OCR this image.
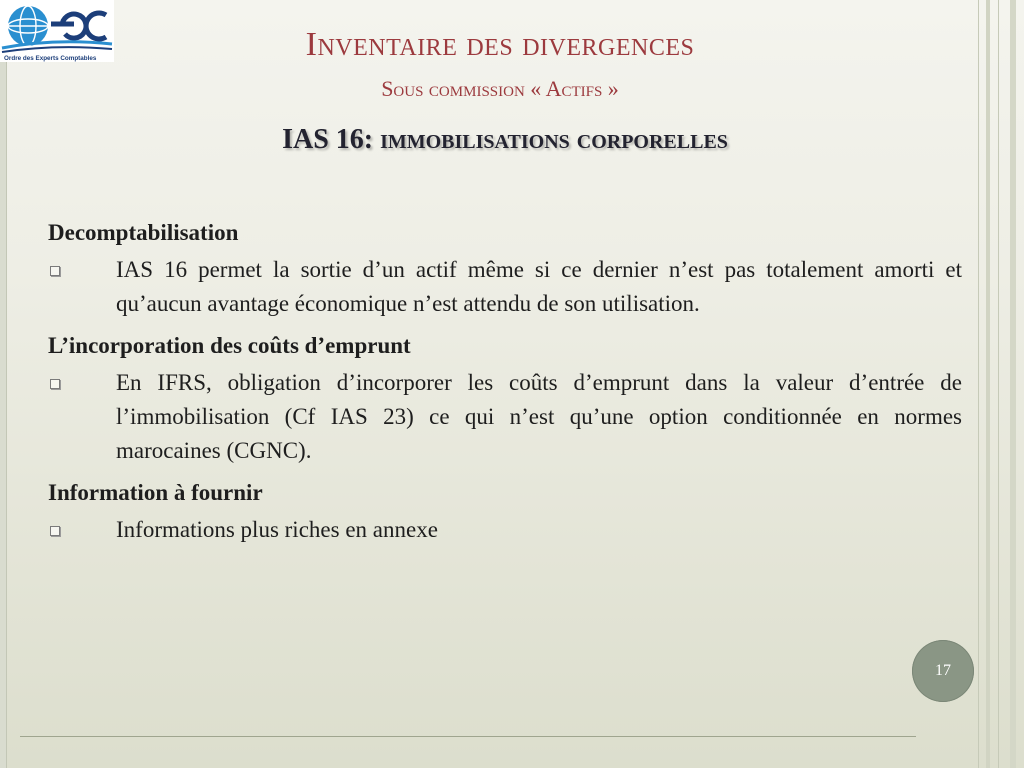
Ordre des Experts Comptables	Inventaire des divergences
Sous commission « Actifs »
IAS 16: immobilisations corporelles
Decomptabilisation
IAS 16 permet la sortie d’un actif même si ce dernier n’est pas totalement amorti et qu’aucun avantage économique n’est attendu de son utilisation.
L’incorporation des coûts d’emprunt
En IFRS, obligation d’incorporer les coûts d’emprunt dans la valeur d’entrée de l’immobilisation (Cf IAS 23) ce qui n’est qu’une option conditionnée en normes marocaines (CGNC).
Information à fournir
Informations plus riches en annexe
17
